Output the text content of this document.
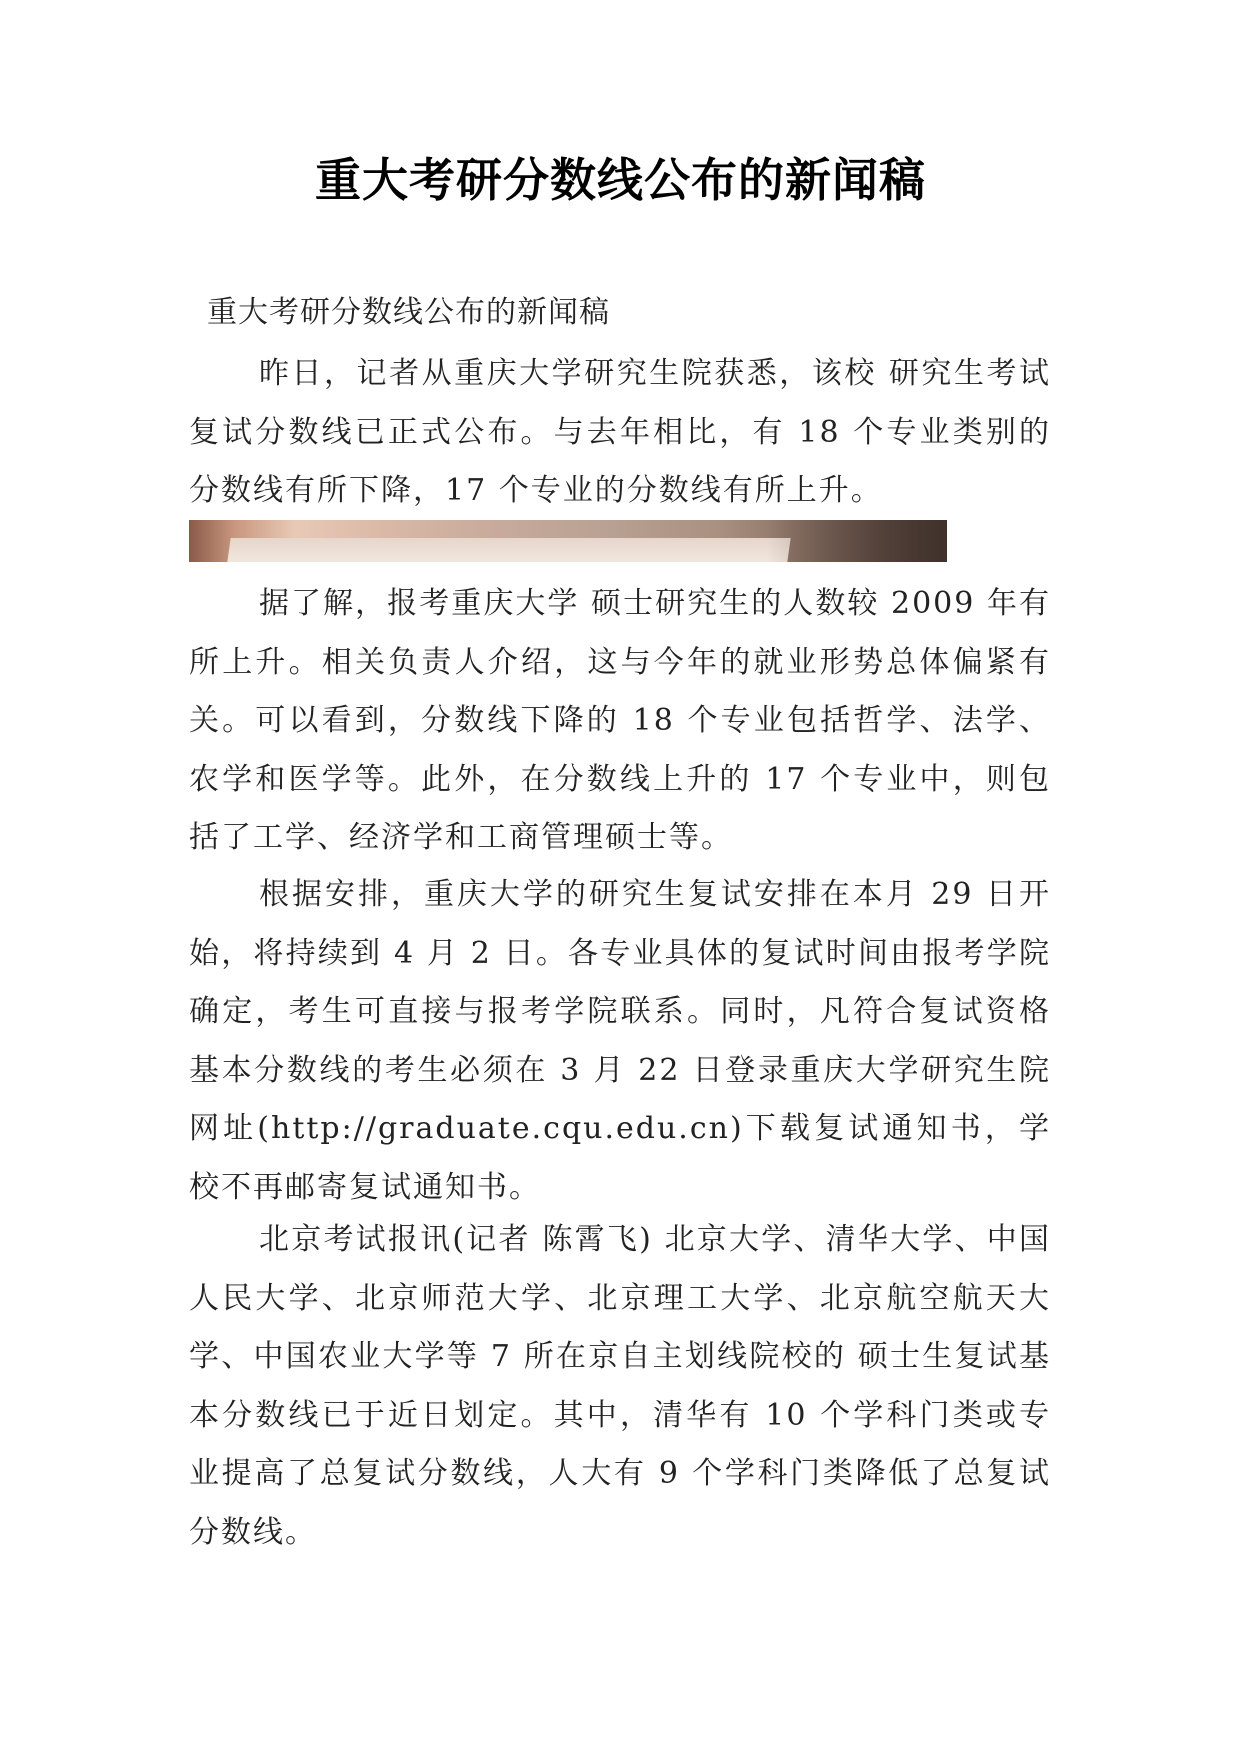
重大考研分数线公布的新闻稿

重大考研分数线公布的新闻稿

昨日，记者从重庆大学研究生院获悉，该校 研究生考试复试分数线已正式公布。与去年相比，有 18 个专业类别的分数线有所下降，17 个专业的分数线有所上升。

据了解，报考重庆大学 硕士研究生的人数较 2009 年有所上升。相关负责人介绍，这与今年的就业形势总体偏紧有关。可以看到，分数线下降的 18 个专业包括哲学、法学、农学和医学等。此外，在分数线上升的 17 个专业中，则包括了工学、经济学和工商管理硕士等。

根据安排，重庆大学的研究生复试安排在本月 29 日开始，将持续到 4 月 2 日。各专业具体的复试时间由报考学院确定，考生可直接与报考学院联系。同时，凡符合复试资格基本分数线的考生必须在 3 月 22 日登录重庆大学研究生院网址(http://graduate.cqu.edu.cn)下载复试通知书，学校不再邮寄复试通知书。

北京考试报讯(记者 陈霄飞) 北京大学、清华大学、中国人民大学、北京师范大学、北京理工大学、北京航空航天大学、中国农业大学等 7 所在京自主划线院校的 硕士生复试基本分数线已于近日划定。其中，清华有 10 个学科门类或专业提高了总复试分数线，人大有 9 个学科门类降低了总复试分数线。
